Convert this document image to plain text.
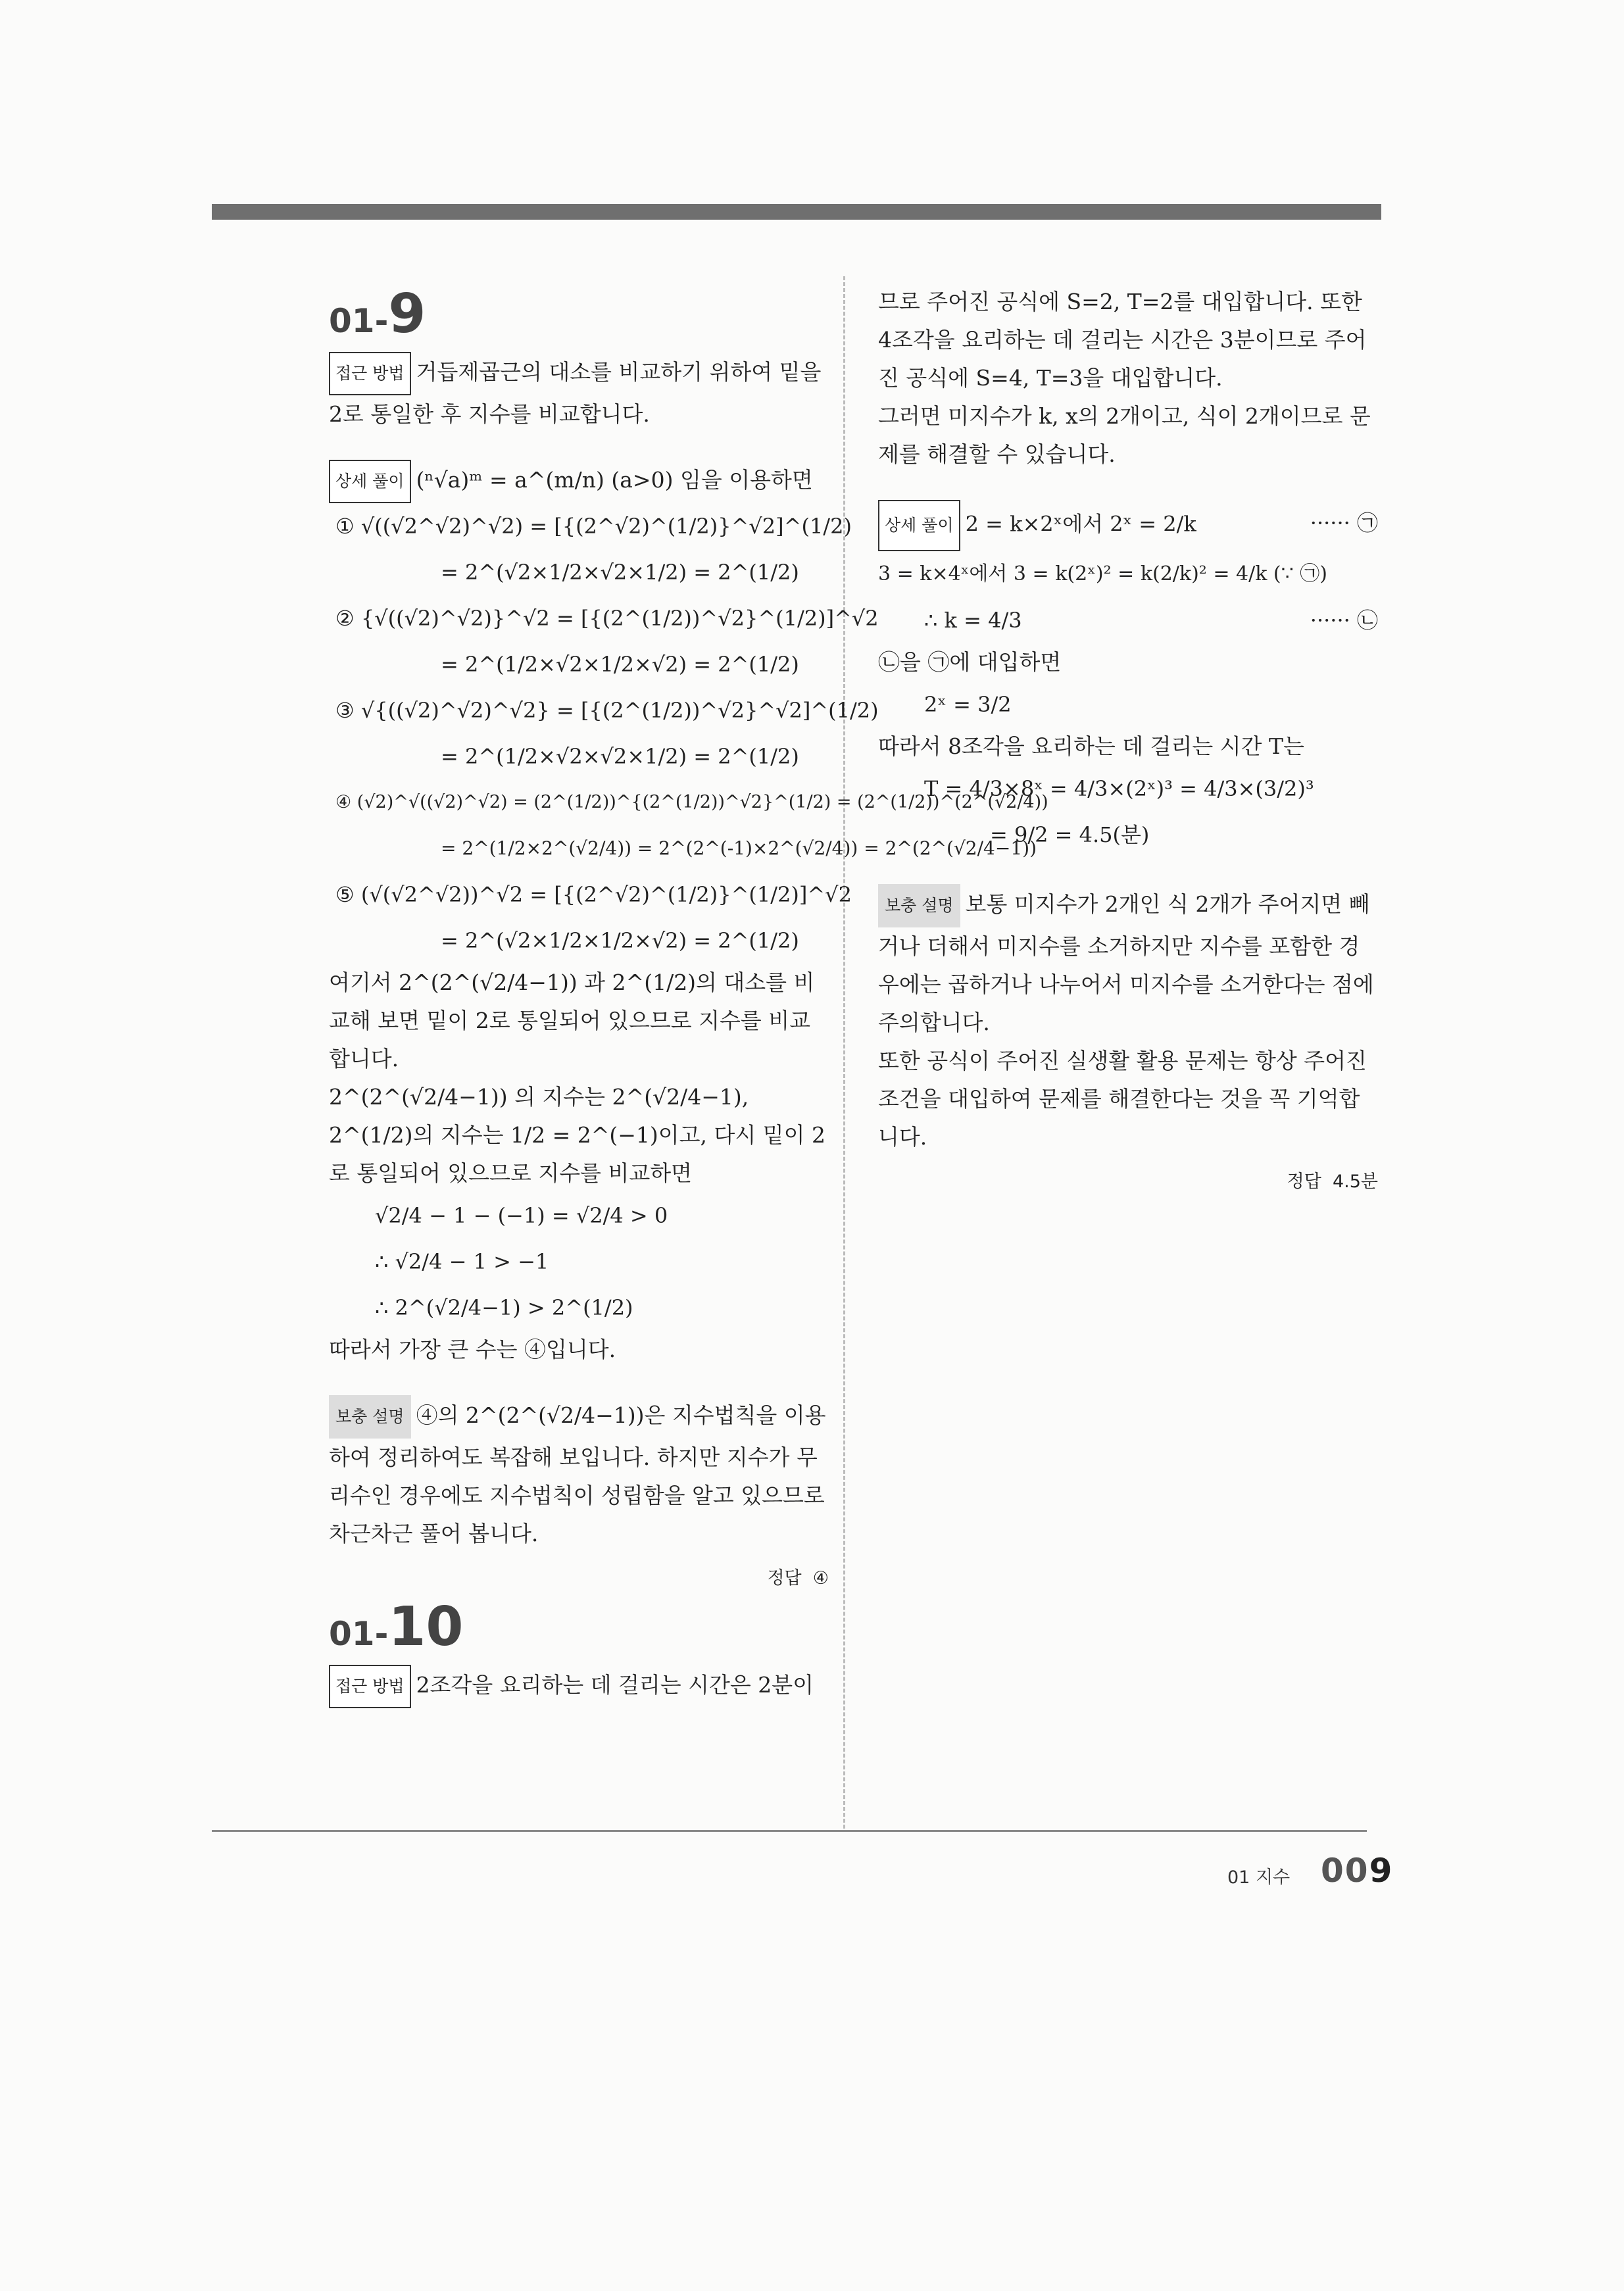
01-9

접근 방법 거듭제곱근의 대소를 비교하기 위하여 밑을 2로 통일한 후 지수를 비교합니다.

상세 풀이 (ⁿ√a)ᵐ = a^(m/n) (a>0) 임을 이용하면

① √((√2^√2)^√2) = [{(2^√2)^(1/2)}^√2]^(1/2)
= 2^(√2×1/2×√2×1/2) = 2^(1/2)
② {√((√2)^√2)}^√2 = [{(2^(1/2))^√2}^(1/2)]^√2
= 2^(1/2×√2×1/2×√2) = 2^(1/2)
③ √{((√2)^√2)^√2} = [{(2^(1/2))^√2}^√2]^(1/2)
= 2^(1/2×√2×√2×1/2) = 2^(1/2)
④ (√2)^√((√2)^√2) = (2^(1/2))^{(2^(1/2))^√2}^(1/2) = (2^(1/2))^(2^(√2/4))
= 2^(1/2×2^(√2/4)) = 2^(2^(-1)×2^(√2/4)) = 2^(2^(√2/4−1))
⑤ (√(√2^√2))^√2 = [{(2^√2)^(1/2)}^(1/2)]^√2
= 2^(√2×1/2×1/2×√2) = 2^(1/2)

여기서 2^(2^(√2/4−1)) 과 2^(1/2)의 대소를 비교해 보면 밑이 2로 통일되어 있으므로 지수를 비교합니다.

2^(2^(√2/4−1)) 의 지수는 2^(√2/4−1), 2^(1/2)의 지수는 1/2 = 2^(−1)이고, 다시 밑이 2로 통일되어 있으므로 지수를 비교하면

√2/4 − 1 − (−1) = √2/4 > 0
∴ √2/4 − 1 > −1
∴ 2^(√2/4−1) > 2^(1/2)

따라서 가장 큰 수는 ④입니다.

보충 설명 ④의 2^(2^(√2/4−1))은 지수법칙을 이용하여 정리하여도 복잡해 보입니다. 하지만 지수가 무리수인 경우에도 지수법칙이 성립함을 알고 있으므로 차근차근 풀어 봅니다.

정답 ④
01-10

접근 방법 2조각을 요리하는 데 걸리는 시간은 2분이

므로 주어진 공식에 S=2, T=2를 대입합니다. 또한 4조각을 요리하는 데 걸리는 시간은 3분이므로 주어진 공식에 S=4, T=3을 대입합니다.

그러면 미지수가 k, x의 2개이고, 식이 2개이므로 문제를 해결할 수 있습니다.

상세 풀이 2 = k×2ˣ에서 2ˣ = 2/k	······ ㉠
3 = k×4ˣ에서 3 = k(2ˣ)² = k(2/k)² = 4/k (∵ ㉠)
∴ k = 4/3	······ ㉡

㉡을 ㉠에 대입하면

2ˣ = 3/2

따라서 8조각을 요리하는 데 걸리는 시간 T는

T = 4/3×8ˣ = 4/3×(2ˣ)³ = 4/3×(3/2)³
= 9/2 = 4.5(분)

보충 설명 보통 미지수가 2개인 식 2개가 주어지면 빼거나 더해서 미지수를 소거하지만 지수를 포함한 경우에는 곱하거나 나누어서 미지수를 소거한다는 점에 주의합니다.

또한 공식이 주어진 실생활 활용 문제는 항상 주어진 조건을 대입하여 문제를 해결한다는 것을 꼭 기억합니다.

정답 4.5분
01 지수 009
